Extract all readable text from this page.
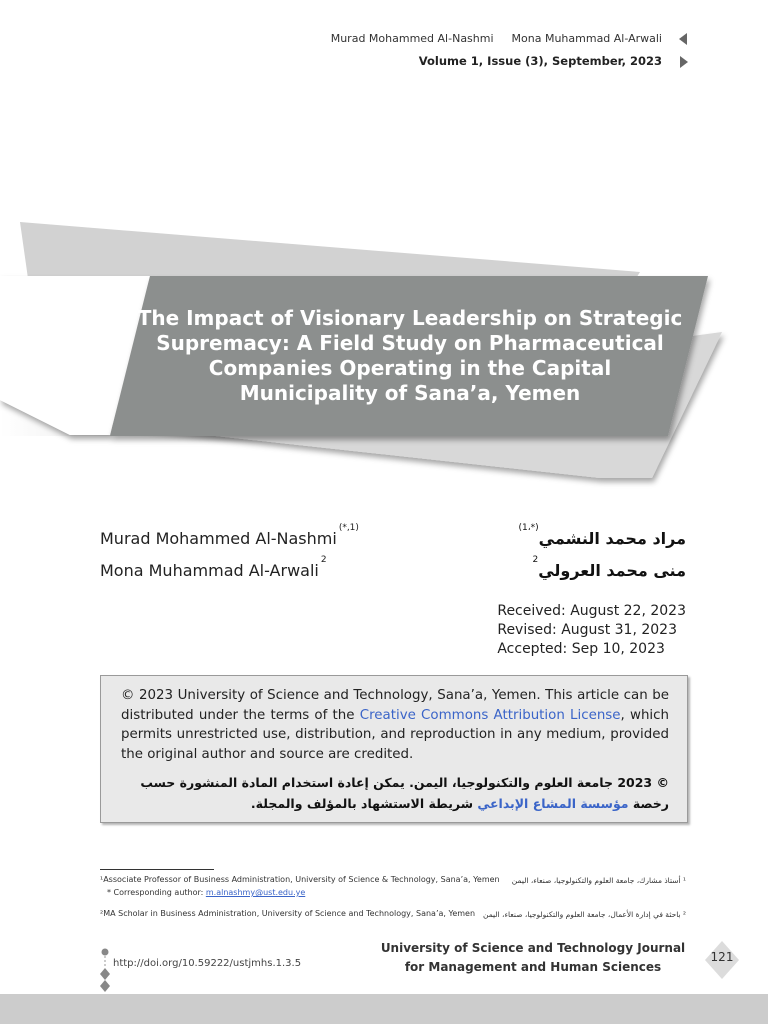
Murad Mohammed Al-Nashmi Mona Muhammad Al-Arwali
Volume 1, Issue (3), September, 2023
The Impact of Visionary Leadership on Strategic
Supremacy: A Field Study on Pharmaceutical
Companies Operating in the Capital
Municipality of Sana’a, Yemen
Murad Mohammed Al-Nashmi$^{(*,1)}$
Mona Muhammad Al-Arwali$^2$
مراد محمد النشمي$^{(*،1)}$
منى محمد العرولي$^2$
Received: August 22, 2023
Revised: August 31, 2023
Accepted: Sep 10, 2023
© 2023 University of Science and Technology, Sana’a, Yemen. This article can be distributed under the terms of the Creative Commons Attribution License, which permits unrestricted use, distribution, and reproduction in any medium, provided the original author and source are credited.
© 2023 جامعة العلوم والتكنولوجيا، اليمن. يمكن إعادة استخدام المادة المنشورة حسب رخصة مؤسسة المشاع الإبداعي شريطة الاستشهاد بالمؤلف والمجلة.
¹Associate Professor of Business Administration, University of Science & Technology, Sana’a, Yemen ¹ أستاذ مشارك، جامعة العلوم والتكنولوجيا، صنعاء، اليمن
* Corresponding author: m.alnashmy@ust.edu.ye
²MA Scholar in Business Administration, University of Science and Technology, Sana’a, Yemen ² باحثة في إدارة الأعمال، جامعة العلوم والتكنولوجيا، صنعاء، اليمن
http://doi.org/10.59222/ustjmhs.1.3.5
University of Science and Technology Journal
for Management and Human Sciences
121
